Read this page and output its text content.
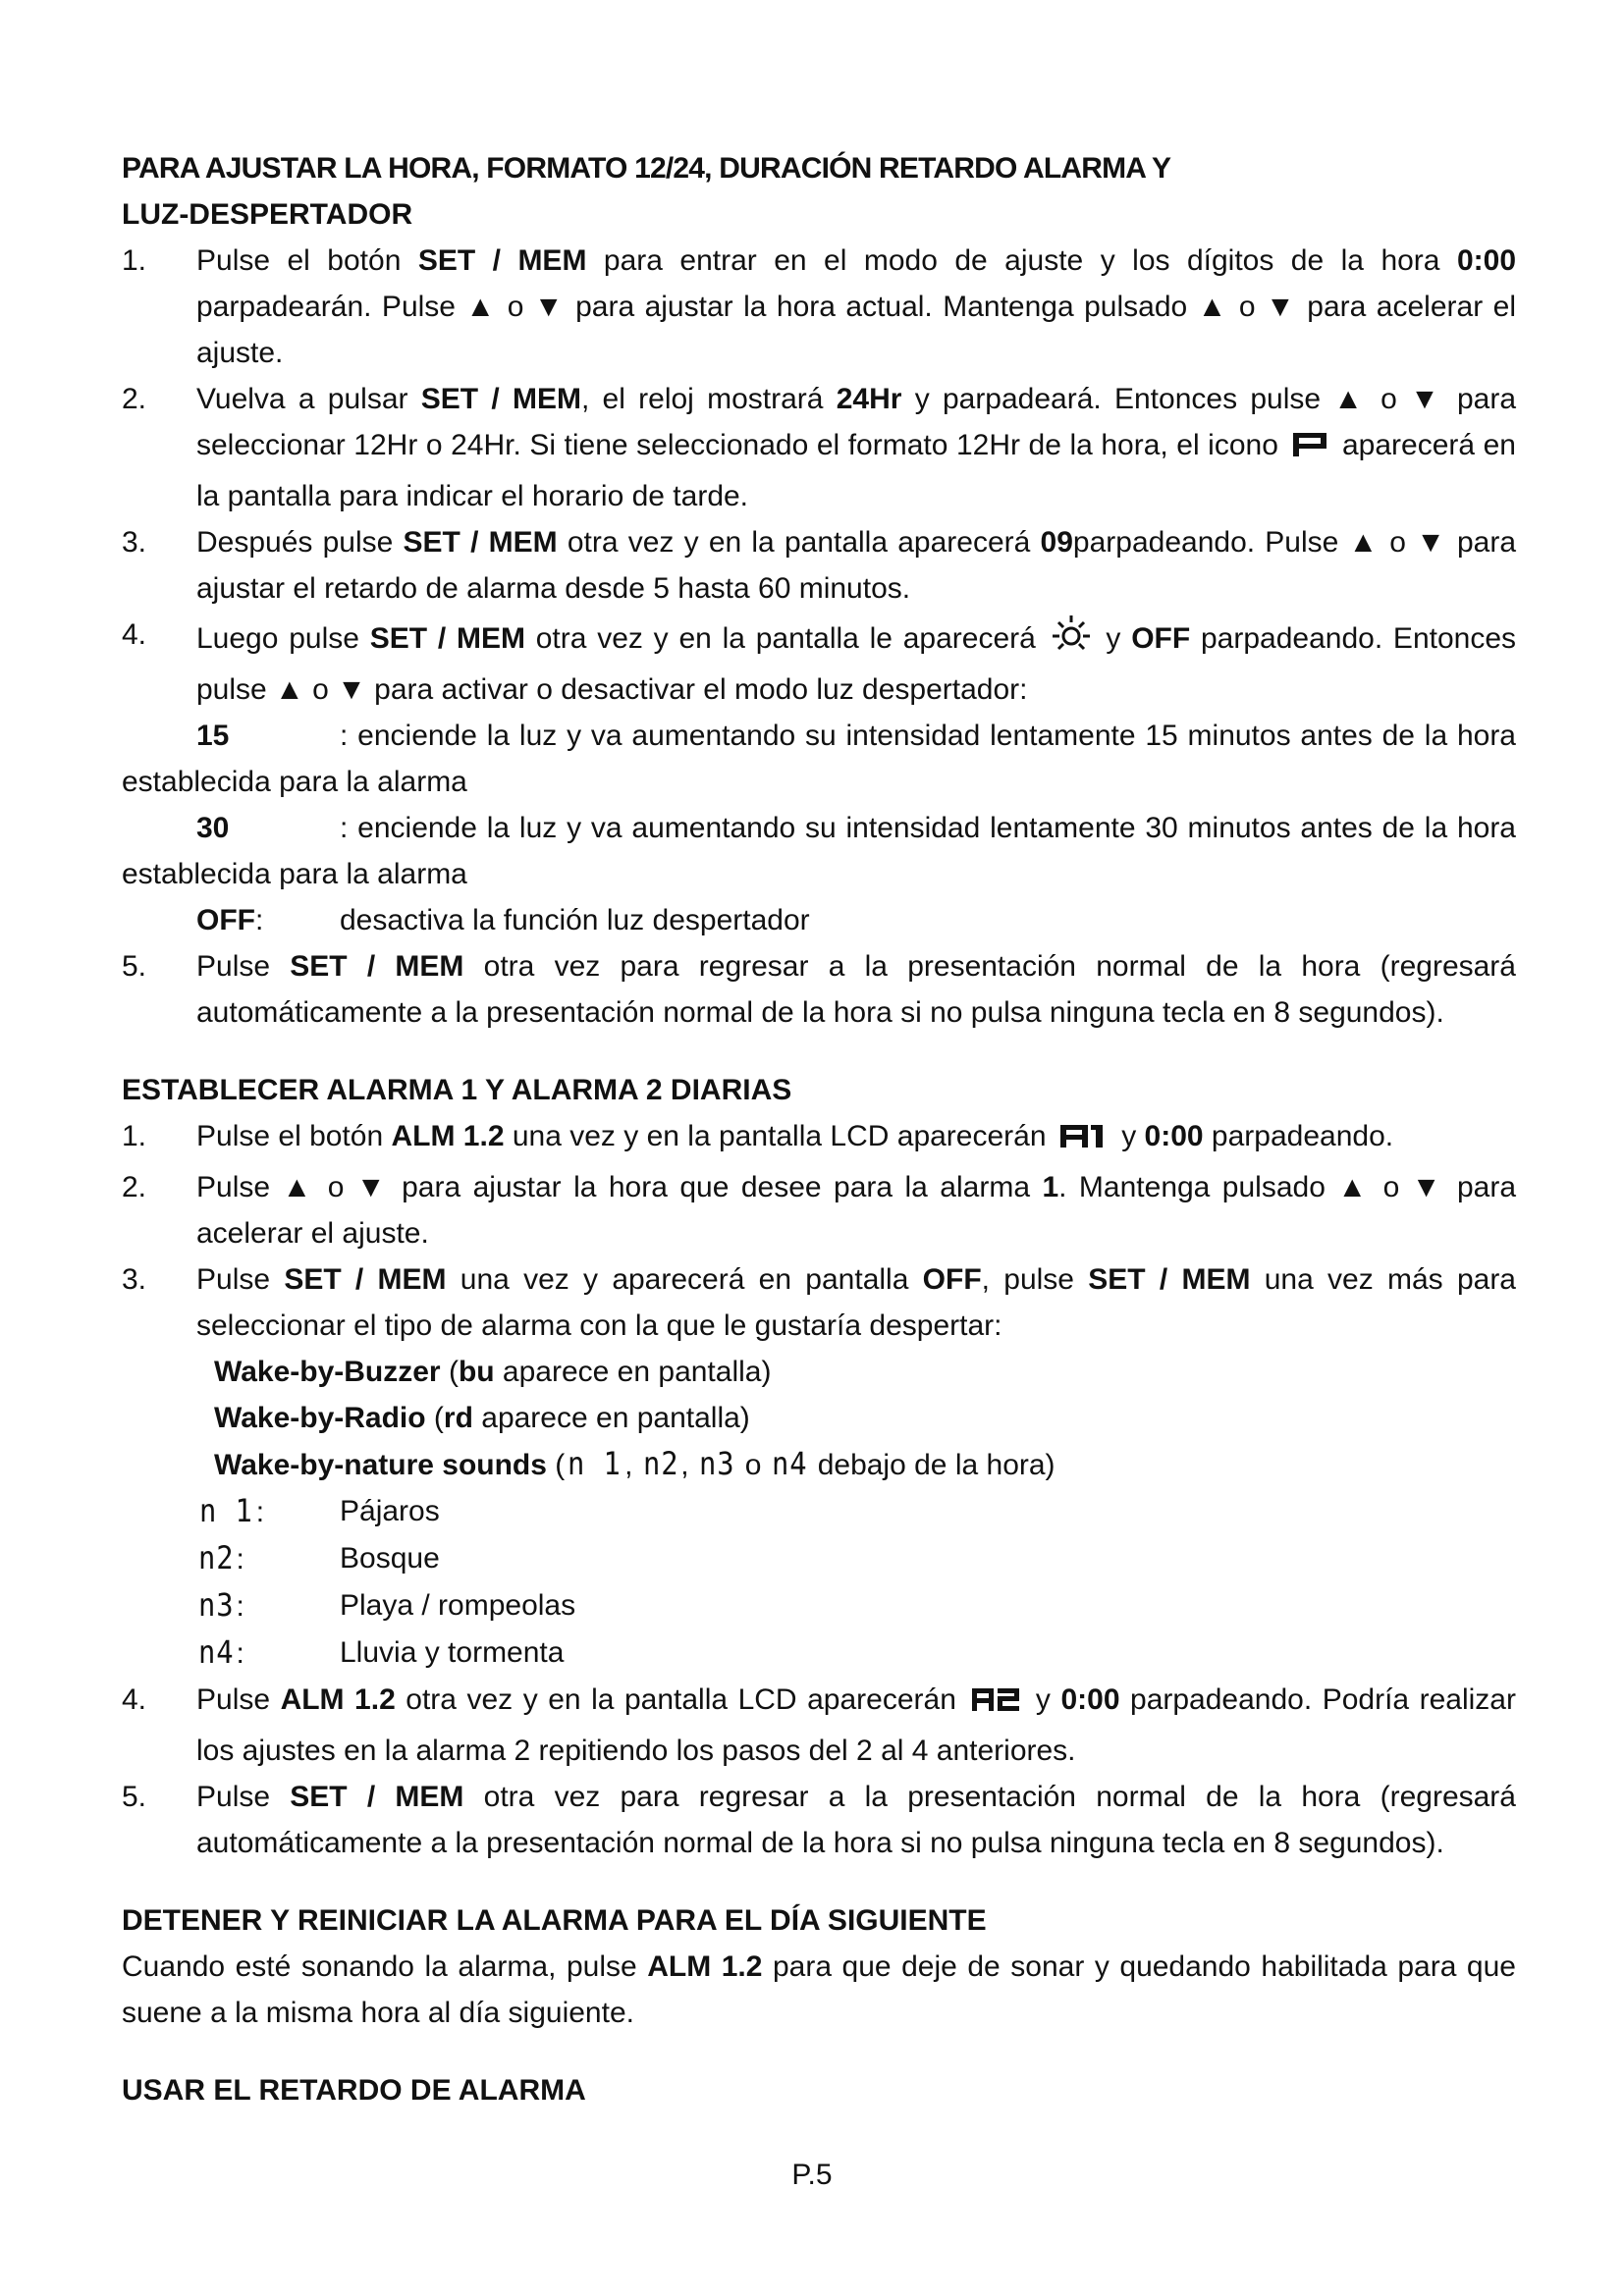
PARA AJUSTAR LA HORA, FORMATO 12/24, DURACIÓN RETARDO ALARMA Y
LUZ-DESPERTADOR
1. Pulse el botón SET / MEM para entrar en el modo de ajuste y los dígitos de la hora 0:00 parpadearán. Pulse ▲ o ▼ para ajustar la hora actual. Mantenga pulsado ▲ o ▼ para acelerar el ajuste.
2. Vuelva a pulsar SET / MEM, el reloj mostrará 24Hr y parpadeará. Entonces pulse ▲ o ▼ para seleccionar 12Hr o 24Hr. Si tiene seleccionado el formato 12Hr de la hora, el icono  aparecerá en la pantalla para indicar el horario de tarde.
3. Después pulse SET / MEM otra vez y en la pantalla aparecerá 09parpadeando. Pulse ▲ o ▼ para ajustar el retardo de alarma desde 5 hasta 60 minutos.
4. Luego pulse SET / MEM otra vez y en la pantalla le aparecerá  y OFF parpadeando. Entonces pulse ▲ o ▼ para activar o desactivar el modo luz despertador:
15	: enciende la luz y va aumentando su intensidad lentamente 15 minutos antes de la hora establecida para la alarma
30	: enciende la luz y va aumentando su intensidad lentamente 30 minutos antes de la hora establecida para la alarma
OFF:	desactiva la función luz despertador
5. Pulse SET / MEM otra vez para regresar a la presentación normal de la hora (regresará automáticamente a la presentación normal de la hora si no pulsa ninguna tecla en 8 segundos).
ESTABLECER ALARMA 1 Y ALARMA 2 DIARIAS
1. Pulse el botón ALM 1.2 una vez y en la pantalla LCD aparecerán  y 0:00 parpadeando.
2. Pulse ▲ o ▼ para ajustar la hora que desee para la alarma 1. Mantenga pulsado ▲ o ▼ para acelerar el ajuste.
3. Pulse SET / MEM una vez y aparecerá en pantalla OFF, pulse SET / MEM una vez más para seleccionar el tipo de alarma con la que le gustaría despertar:
Wake-by-Buzzer (bu aparece en pantalla)
Wake-by-Radio (rd aparece en pantalla)
Wake-by-nature sounds (n 1 , n2, n3 o n4 debajo de la hora)
n 1 :	Pájaros
n2:	Bosque
n3:	Playa / rompeolas
n4:	Lluvia y tormenta
4. Pulse ALM 1.2 otra vez y en la pantalla LCD aparecerán  y 0:00 parpadeando. Podría realizar los ajustes en la alarma 2 repitiendo los pasos del 2 al 4 anteriores.
5. Pulse SET / MEM otra vez para regresar a la presentación normal de la hora (regresará automáticamente a la presentación normal de la hora si no pulsa ninguna tecla en 8 segundos).
DETENER Y REINICIAR LA ALARMA PARA EL DÍA SIGUIENTE

Cuando esté sonando la alarma, pulse ALM 1.2 para que deje de sonar y quedando habilitada para que suene a la misma hora al día siguiente.

USAR EL RETARDO DE ALARMA
P.5
